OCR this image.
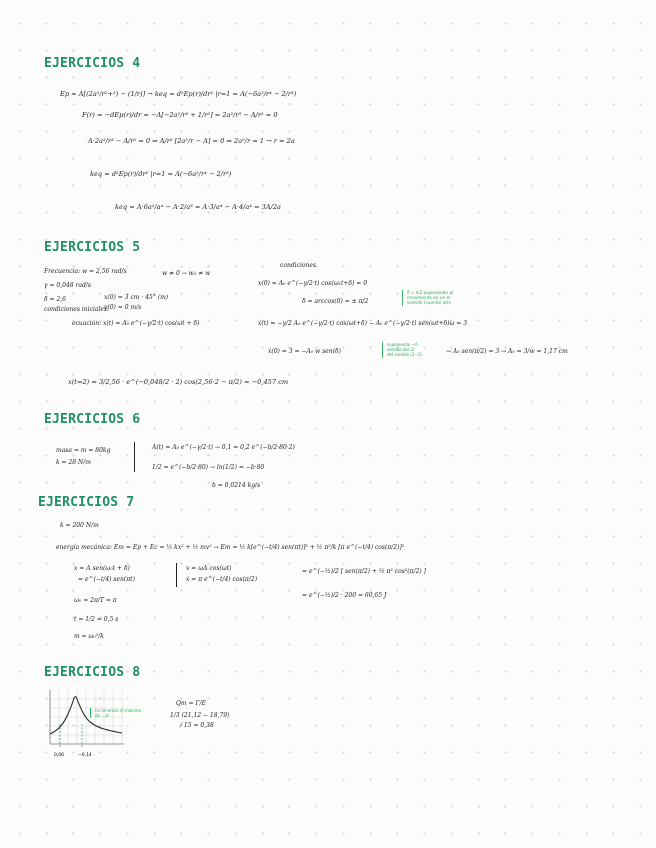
EJERCICIOS 4

Ep = A[(2a²/r²+²) − (1/r)] → keq = d²Ep(r)/dr² |r=1 = A(−6a²/r⁴ − 2/r³)

F(r) = −dEp(r)/dr = −A[−2a²/r³ + 1/r²] = 2a²/r³ − A/r² = 0

A·2a²/r³ − A/r² = 0 ⇒ A/r² [2a²/r − A] = 0 ⇒ 2a²/r = 1 → r = 2a

keq = d²Ep(r)/dr² |r=1 = A(−6a²/r⁴ − 2/r³)

keq = A·6a²/a⁴ − A·2/a³ = A·3/a⁴ − A·4/a⁴ = 3A/2a

EJERCICIOS 5

Frecuencia: w = 2,56 rad/s	w ≠ 0 → w₀ ≠ w

γ = 0,048 rad/s

δ = 2,6	x(0) = 3 cm · 45° (m)

condiciones iniciales:

v(0) = 0 m/s

condiciones

x(0) = A₀ e^(−γ/2·t) cos(ω₁t+δ) = 0

δ = arccos(0) = ± π/2

δ = π/2 suponiendo el
movimiento en un el
sentido (cuenta) atm

ecuación: x(t) = A₀ e^(−γ/2·t) cos(ωt + δ)	ẋ(t) = −γ/2 A₀ e^(−γ/2·t) cos(ωt+δ) − A₀ e^(−γ/2·t) sen(ωt+δ)ω = 3

ẋ(0) = 3 = −A₀ w sen(δ)

suponiendo −A
sentido del (2
del sentido (2−2)	→ A₀ sen(π/2) = 3 → A₀ = 3/w = 1,17 cm

x(t=2) = 3/2,56 · e^(−0,048/2 · 2) cos(2,56·2 − π/2) = −0,457 cm

EJERCICIOS 6

masa = m = 80kg

k = 28 N/m

A(t) = A₀ e^(−γ/2·t) → 0,1 = 0,2 e^(−b/2·80·2)

1/2 = e^(−b/2·80) → ln(1/2) = −b·80

b = 0,0214 kg/s

EJERCICIOS 7

k = 200 N/m

energía mecánica: Em = Ep + Ec = ½ kx² + ½ mv² → Em = ½ k[e^(−t/4) sen(πt)]² + ½ π²/k [π e^(−t/4) cos(π/2)]²

x = A sen(ω₀t + δ)

= e^(−t/4) sen(πt)

v = ωA cos(ωt)

ẋ = π e^(−t/4) cos(π/2)

= e^(−½)/2 [ sen(π/2) + ½ π² cos²(π/2) ]

= e^(−½)/2 · 200 = 60,65 J

ω₀ = 2π/T = π

t = 1/2 = 0,5 s

m = ω₀²/k

EJERCICIOS 8
0,06	−0,14

no tenemos el máximo
de... al

Qm = Γ/E

1/3 (21,12 − 18,79)

/ 15 = 0,38
